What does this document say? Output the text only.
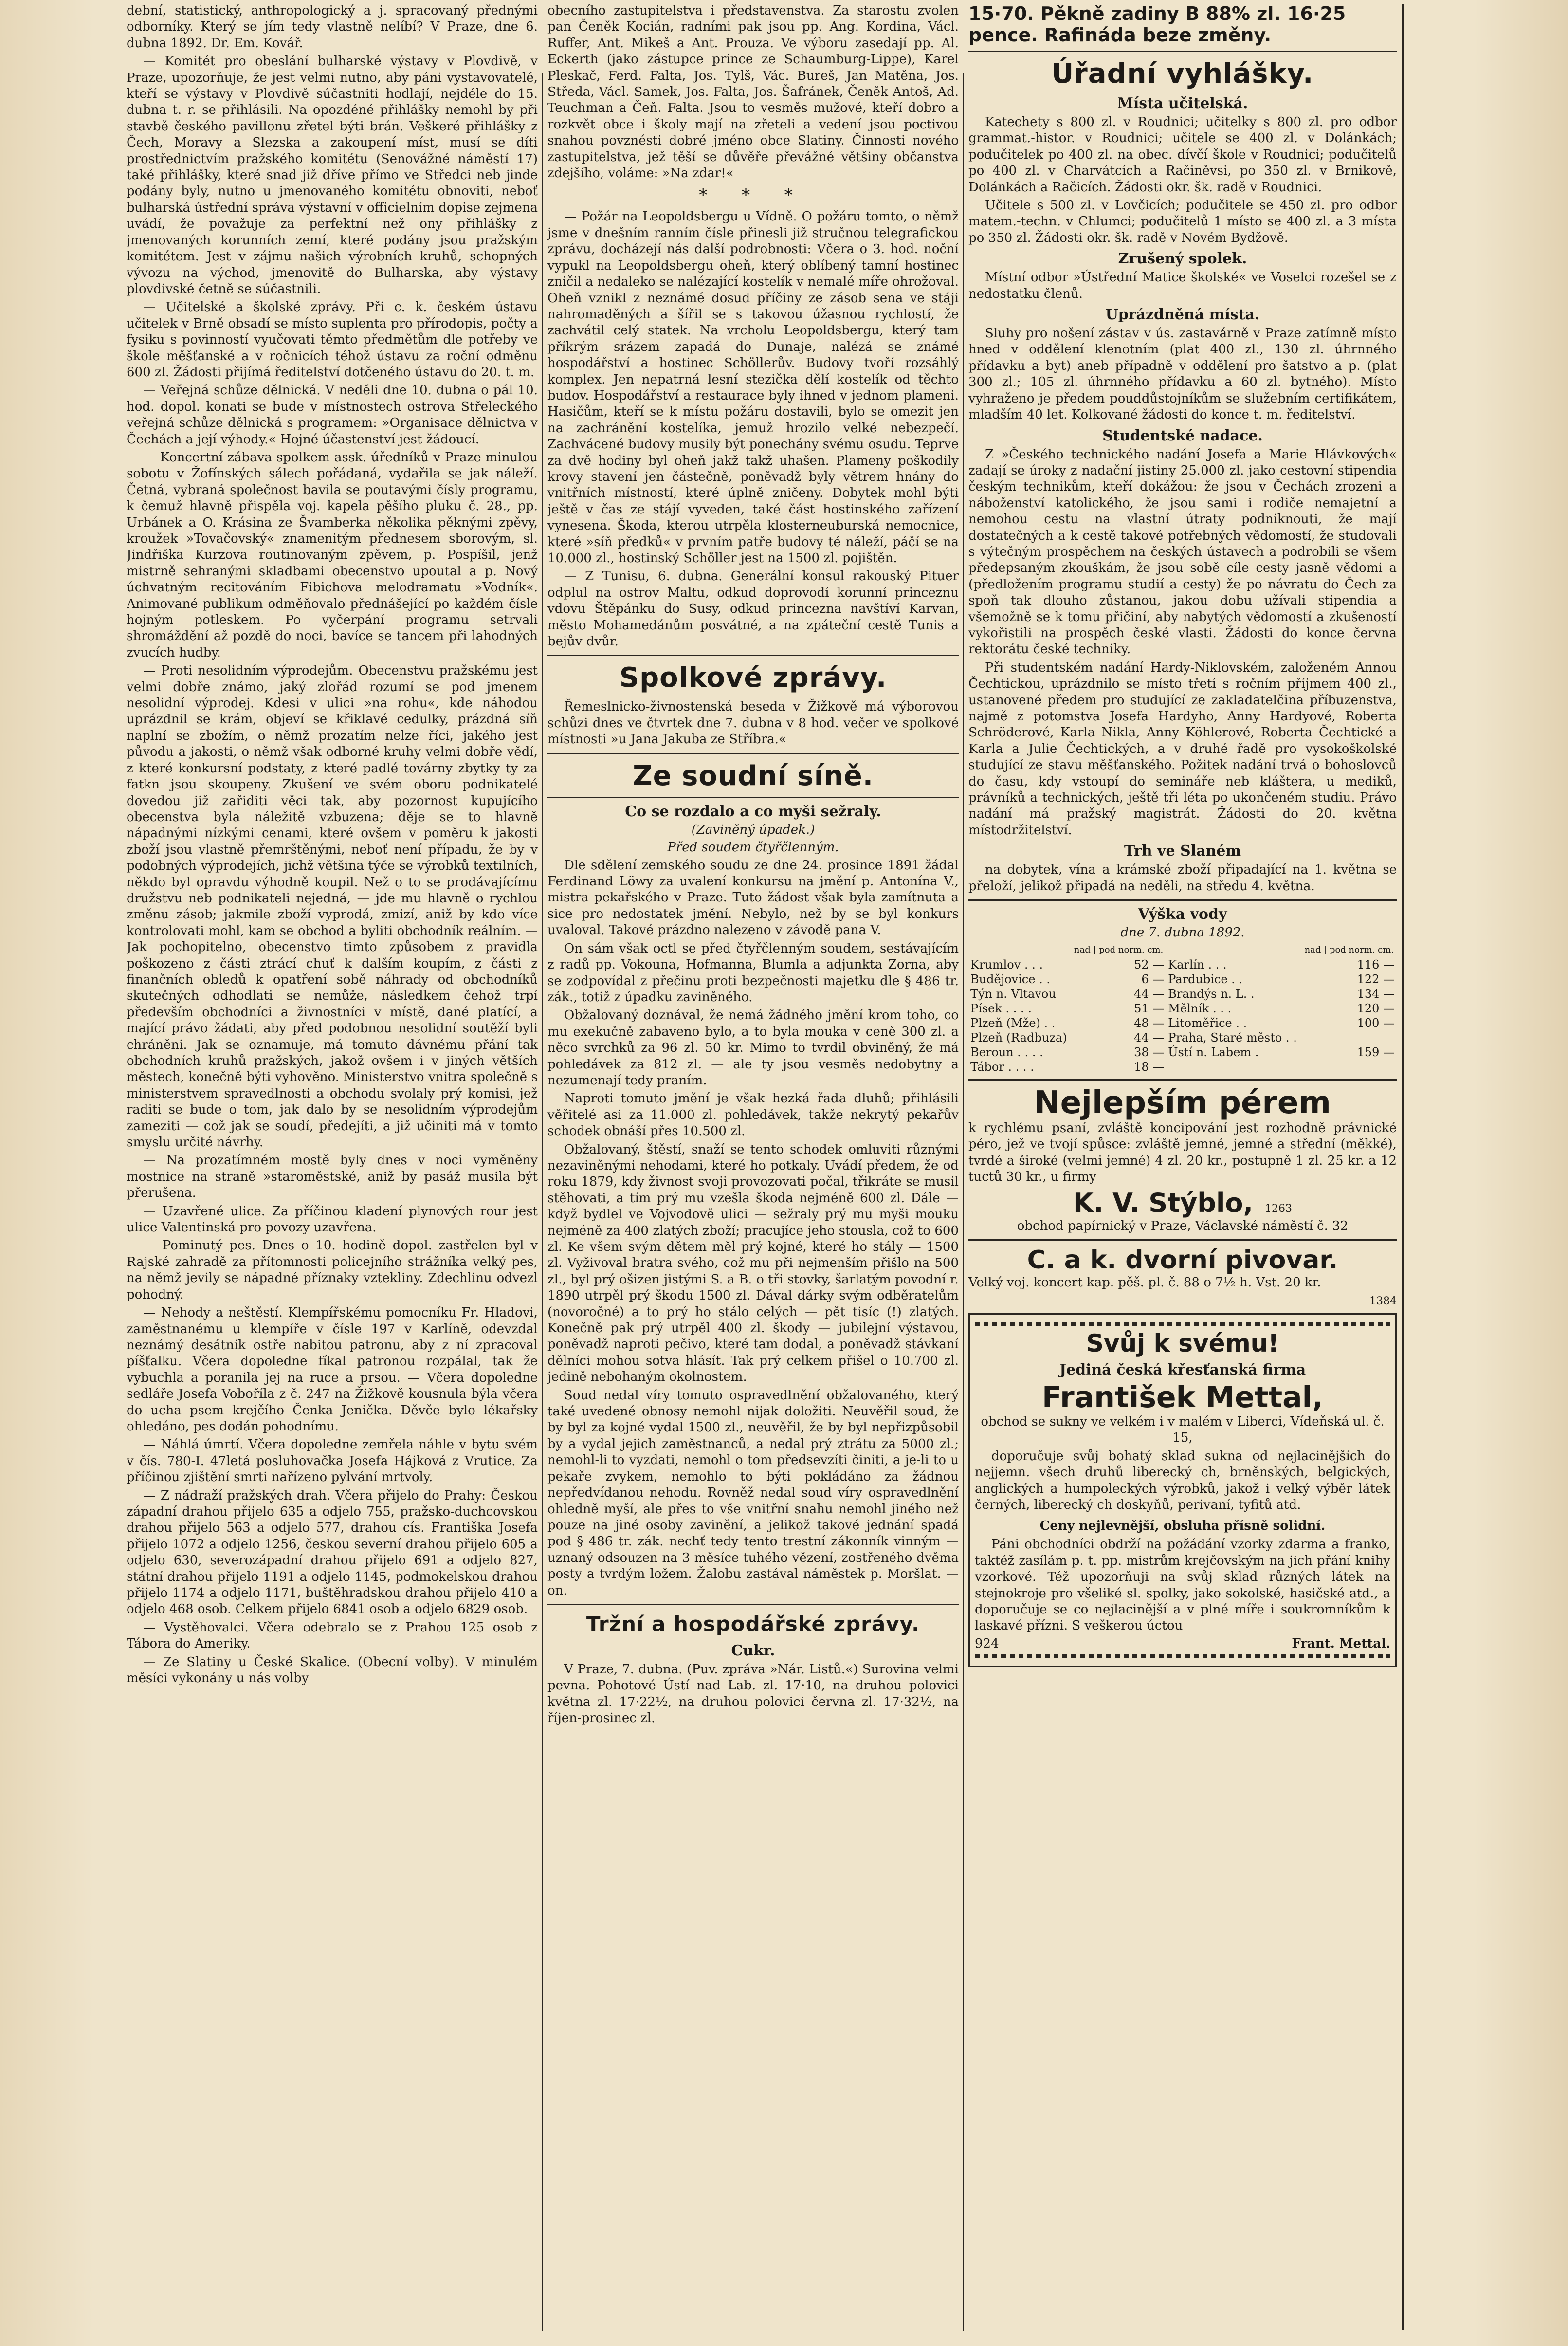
dební, statistický, anthropologický a j. spracovaný přednými odborníky. Který se jím tedy vlastně nelíbí? V Praze, dne 6. dubna 1892. Dr. Em. Kovář.

— Komitét pro obeslání bulharské výstavy v Plovdivě, v Praze, upozorňuje, že jest velmi nutno, aby páni vystavovatelé, kteří se výstavy v Plovdivě súčastniti hodlají, nejdéle do 15. dubna t. r. se přihlásili. Na opozdéné přihlášky nemohl by při stavbě českého pavillonu zřetel býti brán. Veškeré přihlášky z Čech, Moravy a Slezska a zakoupení míst, musí se díti prostřednictvím pražského komitétu (Senovážné náměstí 17) také přihlášky, které snad již dříve přímo ve Středci neb jinde podány byly, nutno u jmenovaného komitétu obnoviti, neboť bulharská ústřední správa výstavní v officielním dopise zejmena uvádí, že považuje za perfektní než ony přihlášky z jmenovaných korunních zemí, které podány jsou pražským komitétem. Jest v zájmu našich výrobních kruhů, schopných vývozu na východ, jmenovitě do Bulharska, aby výstavy plovdivské četně se súčastnili.

— Učitelské a školské zprávy. Při c. k. českém ústavu učitelek v Brně obsadí se místo suplenta pro přírodopis, počty a fysiku s povinností vyučovati těmto předmětům dle potřeby ve škole měšťanské a v ročnicích téhož ústavu za roční odměnu 600 zl. Žádosti přijímá ředitelství dotčeného ústavu do 20. t. m.

— Veřejná schůze dělnická. V neděli dne 10. dubna o pál 10. hod. dopol. konati se bude v místnostech ostrova Střeleckého veřejná schůze dělnická s programem: »Organisace dělnictva v Čechách a její výhody.« Hojné účastenství jest žádoucí.

— Koncertní zábava spolkem assk. úředníků v Praze minulou sobotu v Žofínských sálech pořádaná, vydařila se jak náleží. Četná, vybraná společnost bavila se poutavými čísly programu, k čemuž hlavně přispěla voj. kapela pěšího pluku č. 28., pp. Urbánek a O. Krásina ze Švamberka několika pěknými zpěvy, kroužek »Tovačovský« znamenitým přednesem sborovým, sl. Jindřiška Kurzova routinovaným zpěvem, p. Pospíšil, jenž mistrně sehranými skladbami obecenstvo upoutal a p. Nový úchvatným recitováním Fibichova melodramatu »Vodník«. Animované publikum odměňovalo přednášející po každém čísle hojným potleskem. Po vyčerpání programu setrvali shromáždění až pozdě do noci, bavíce se tancem při lahodných zvucích hudby.

— Proti nesolidním výprodejům. Obecenstvu pražskému jest velmi dobře známo, jaký zlořád rozumí se pod jmenem nesolidní výprodej. Kdesi v ulici »na rohu«, kde náhodou uprázdnil se krám, objeví se křiklavé cedulky, prázdná síň naplní se zbožím, o němž prozatím nelze říci, jakého jest původu a jakosti, o němž však odborné kruhy velmi dobře vědí, z které konkursní podstaty, z které padlé továrny zbytky ty za fatkn jsou skoupeny. Zkušení ve svém oboru podnikatelé dovedou již zařiditi věci tak, aby pozornost kupujícího obecenstva byla náležitě vzbuzena; děje se to hlavně nápadnými nízkými cenami, které ovšem v poměru k jakosti zboží jsou vlastně přemrštěnými, neboť není případu, že by v podobných výprodejích, jichž většina týče se výrobků textilních, někdo byl opravdu výhodně koupil. Než o to se prodávajícímu družstvu neb podnikateli nejedná, — jde mu hlavně o rychlou změnu zásob; jakmile zboží vyprodá, zmizí, aniž by kdo více kontrolovati mohl, kam se obchod a byliti obchodník reálním. — Jak pochopitelno, obecenstvo timto způsobem z pravidla poškozeno z části ztrácí chuť k dalším koupím, z části z finančních obledů k opatření sobě náhrady od obchodníků skutečných odhodlati se nemůže, následkem čehož trpí především obchodníci a živnostníci v místě, dané platící, a mající právo žádati, aby před podobnou nesolidní soutěží byli chráněni. Jak se oznamuje, má tomuto dávnému přání tak obchodních kruhů pražských, jakož ovšem i v jiných větších městech, konečně býti vyhověno. Ministerstvo vnitra společně s ministerstvem spravedlnosti a obchodu svolaly prý komisi, jež raditi se bude o tom, jak dalo by se nesolidním výprodejům zameziti — což jak se soudí, předejíti, a již učiniti má v tomto smyslu určité návrhy.

— Na prozatímném mostě byly dnes v noci vyměněny mostnice na straně »staroměstské, aniž by pasáž musila být přerušena.

— Uzavřené ulice. Za příčinou kladení plynových rour jest ulice Valentinská pro povozy uzavřena.

— Pominutý pes. Dnes o 10. hodině dopol. zastřelen byl v Rajské zahradě za přítomnosti policejního strážníka velký pes, na němž jevily se nápadné příznaky vztekliny. Zdechlinu odvezl pohodný.

— Nehody a neštěstí. Klempířskému pomocníku Fr. Hladovi, zaměstnanému u klempíře v čísle 197 v Karlíně, odevzdal neznámý desátník ostře nabitou patronu, aby z ní zpracoval píšťalku. Včera dopoledne fíkal patronou rozpálal, tak že vybuchla a poranila jej na ruce a prsou. — Včera dopoledne sedláře Josefa Voboříla z č. 247 na Žižkově kousnula býla včera do ucha psem krejčího Čenka Jenička. Děvče bylo lékařsky ohledáno, pes dodán pohodnímu.

— Náhlá úmrtí. Včera dopoledne zemřela náhle v bytu svém v čís. 780-I. 47letá posluhovačka Josefa Hájková z Vrutice. Za příčinou zjištění smrti nařízeno pylvání mrtvoly.

— Z nádraží pražských drah. Včera přijelo do Prahy: Českou západní drahou přijelo 635 a odjelo 755, pražsko-duchcovskou drahou přijelo 563 a odjelo 577, drahou cís. Františka Josefa přijelo 1072 a odjelo 1256, českou severní drahou přijelo 605 a odjelo 630, severozápadní drahou přijelo 691 a odjelo 827, státní drahou přijelo 1191 a odjelo 1145, podmokelskou drahou přijelo 1174 a odjelo 1171, buštěhradskou drahou přijelo 410 a odjelo 468 osob. Celkem přijelo 6841 osob a odjelo 6829 osob.

— Vystěhovalci. Včera odebralo se z Prahou 125 osob z Tábora do Ameriky.

— Ze Slatiny u České Skalice. (Obecní volby). V minulém měsíci vykonány u nás volby

obecního zastupitelstva i představenstva. Za starostu zvolen pan Čeněk Kocián, radními pak jsou pp. Ang. Kordina, Václ. Ruffer, Ant. Mikeš a Ant. Prouza. Ve výboru zasedají pp. Al. Eckerth (jako zástupce prince ze Schaumburg-Lippe), Karel Pleskač, Ferd. Falta, Jos. Tylš, Vác. Bureš, Jan Matěna, Jos. Středa, Václ. Samek, Jos. Falta, Jos. Šafránek, Čeněk Antoš, Ad. Teuchman a Čeň. Falta. Jsou to vesměs mužové, kteří dobro a rozkvět obce i školy mají na zřeteli a vedení jsou poctivou snahou povznésti dobré jméno obce Slatiny. Činnosti nového zastupitelstva, jež těší se důvěře převážné většiny občanstva zdejšího, voláme: »Na zdar!«

* * *

— Požár na Leopoldsbergu u Vídně. O požáru tomto, o němž jsme v dnešním ranním čísle přinesli již stručnou telegrafickou zprávu, docházejí nás další podrobnosti: Včera o 3. hod. noční vypukl na Leopoldsbergu oheň, který oblíbený tamní hostinec zničil a nedaleko se nalézající kostelík v nemalé míře ohrožoval. Oheň vznikl z neznámé dosud příčiny ze zásob sena ve stáji nahromaděných a šířil se s takovou úžasnou rychlostí, že zachvátil celý statek. Na vrcholu Leopoldsbergu, který tam příkrým srázem zapadá do Dunaje, nalézá se známé hospodářství a hostinec Schöllerův. Budovy tvoří rozsáhlý komplex. Jen nepatrná lesní stezička dělí kostelík od těchto budov. Hospodářství a restaurace byly ihned v jednom plameni. Hasičům, kteří se k místu požáru dostavili, bylo se omezit jen na zachránění kostelíka, jemuž hrozilo velké nebezpečí. Zachvácené budovy musily být ponechány svému osudu. Teprve za dvě hodiny byl oheň jakž takž uhašen. Plameny poškodily krovy stavení jen částečně, poněvadž byly větrem hnány do vnitřních místností, které úplně zničeny. Dobytek mohl býti ještě v čas ze stájí vyveden, také část hostinského zařízení vynesena. Škoda, kterou utrpěla klosterneuburská nemocnice, které »síň předků« v prvním patře budovy té náleží, páčí se na 10.000 zl., hostinský Schöller jest na 1500 zl. pojištěn.

— Z Tunisu, 6. dubna. Generální konsul rakouský Pituer odplul na ostrov Maltu, odkud doprovodí korunní princeznu vdovu Štěpánku do Susy, odkud princezna navštíví Karvan, město Mohamedánům posvátné, a na zpáteční cestě Tunis a bejův dvůr.

Spolkové zprávy.

Řemeslnicko-živnostenská beseda v Žižkově má výborovou schůzi dnes ve čtvrtek dne 7. dubna v 8 hod. večer ve spolkové místnosti »u Jana Jakuba ze Stříbra.«

Ze soudní síně.
Co se rozdalo a co myši sežraly.
(Zaviněný úpadek.)
Před soudem čtyřčlenným.

Dle sdělení zemského soudu ze dne 24. prosince 1891 žádal Ferdinand Löwy za uvalení konkursu na jmění p. Antonína V., mistra pekařského v Praze. Tuto žádost však byla zamítnuta a sice pro nedostatek jmění. Nebylo, než by se byl konkurs uvaloval. Takové prázdno nalezeno v závodě pana V.

On sám však octl se před čtyřčlenným soudem, sestávajícím z radů pp. Vokouna, Hofmanna, Blumla a adjunkta Zorna, aby se zodpovídal z přečinu proti bezpečnosti majetku dle § 486 tr. zák., totiž z úpadku zaviněného.

Obžalovaný doznával, že nemá žádného jmění krom toho, co mu exekučně zabaveno bylo, a to byla mouka v ceně 300 zl. a něco svrchků za 96 zl. 50 kr. Mimo to tvrdil obviněný, že má pohledávek za 812 zl. — ale ty jsou vesměs nedobytny a nezumenají tedy praním.

Naproti tomuto jmění je však hezká řada dluhů; přihlásili věřitelé asi za 11.000 zl. pohledávek, takže nekrytý pekařův schodek obnáší přes 10.500 zl.

Obžalovaný, štěstí, snaží se tento schodek omluviti různými nezaviněnými nehodami, které ho potkaly. Uvádí předem, že od roku 1879, kdy živnost svoji provozovati počal, třikráte se musil stěhovati, a tím prý mu vzešla škoda nejméně 600 zl. Dále — když bydlel ve Vojvodově ulici — sežraly prý mu myši mouku nejméně za 400 zlatých zboží; pracujíce jeho stousla, což to 600 zl. Ke všem svým dětem měl prý kojné, které ho stály — 1500 zl. Vyživoval bratra svého, což mu při nejmenším přišlo na 500 zl., byl prý ošizen jistými S. a B. o tři stovky, šarlatým povodní r. 1890 utrpěl prý škodu 1500 zl. Dával dárky svým odběratelům (novoročné) a to prý ho stálo celých — pět tisíc (!) zlatých. Konečně pak prý utrpěl 400 zl. škody — jubilejní výstavou, poněvadž naproti pečivo, které tam dodal, a poněvadž stávkaní dělníci mohou sotva hlásít. Tak prý celkem přišel o 10.700 zl. jedině nebohaným okolnostem.

Soud nedal víry tomuto ospravedlnění obžalovaného, který také uvedené obnosy nemohl nijak doložiti. Neuvěřil soud, že by byl za kojné vydal 1500 zl., neuvěřil, že by byl nepřizpůsobil by a vydal jejich zaměstnanců, a nedal prý ztrátu za 5000 zl.; nemohl-li to vyzdati, nemohl o tom předsevzíti činiti, a je-li to u pekaře zvykem, nemohlo to býti pokládáno za žádnou nepředvídanou nehodu. Rovněž nedal soud víry ospravedlnění ohledně myší, ale přes to vše vnitřní snahu nemohl jiného než pouze na jiné osoby zavinění, a jelikož takové jednání spadá pod § 486 tr. zák. nechť tedy tento trestní zákonník vinným — uznaný odsouzen na 3 měsíce tuhého vězení, zostřeného dvěma posty a tvrdým ložem. Žalobu zastával náměstek p. Moršlat. —on.

Tržní a hospodářské zprávy.
Cukr.

V Praze, 7. dubna. (Puv. zpráva »Nár. Listů.«) Surovina velmi pevna. Pohotové Ústí nad Lab. zl. 17·10, na druhou polovici května zl. 17·22½, na druhou polovici června zl. 17·32½, na říjen-prosinec zl.

15·70. Pěkně zadiny B 88% zl. 16·25 pence. Rafináda beze změny.
Úřadní vyhlášky.
Místa učitelská.

Katechety s 800 zl. v Roudnici; učitelky s 800 zl. pro odbor grammat.-histor. v Roudnici; učitele se 400 zl. v Dolánkách; podučitelek po 400 zl. na obec. dívčí škole v Roudnici; podučitelů po 400 zl. v Charvátcích a Račiněvsi, po 350 zl. v Brnikově, Dolánkách a Račicích. Žádosti okr. šk. radě v Roudnici.

Učitele s 500 zl. v Lovčicích; podučitele se 450 zl. pro odbor matem.-techn. v Chlumci; podučitelů 1 místo se 400 zl. a 3 místa po 350 zl. Žádosti okr. šk. radě v Novém Bydžově.

Zrušený spolek.

Místní odbor »Ústřední Matice školské« ve Voselci rozešel se z nedostatku členů.

Uprázdněná místa.

Sluhy pro nošení zástav v ús. zastavárně v Praze zatímně místo hned v oddělení klenotním (plat 400 zl., 130 zl. úhrnného přídavku a byt) aneb případně v oddělení pro šatstvo a p. (plat 300 zl.; 105 zl. úhrnného přídavku a 60 zl. bytného). Místo vyhraženo je předem pouddůstojníkům se služebním certifikátem, mladším 40 let. Kolkované žádosti do konce t. m. ředitelství.

Studentské nadace.

Z »Českého technického nadání Josefa a Marie Hlávkových« zadají se úroky z nadační jistiny 25.000 zl. jako cestovní stipendia českým technikům, kteří dokážou: že jsou v Čechách zrozeni a náboženství katolického, že jsou sami i rodiče nemajetní a nemohou cestu na vlastní útraty podniknouti, že mají dostatečných a k cestě takové potřebných vědomostí, že studovali s výtečným prospěchem na českých ústavech a podrobili se všem předepsaným zkouškám, že jsou sobě cíle cesty jasně vědomi a (předložením programu studií a cesty) že po návratu do Čech za spoň tak dlouho zůstanou, jakou dobu užívali stipendia a všemožně se k tomu přičiní, aby nabytých vědomostí a zkušeností vykořistili na prospěch české vlasti. Žádosti do konce června rektorátu české techniky.

Při studentském nadání Hardy-Niklovském, založeném Annou Čechtickou, uprázdnilo se místo třetí s ročním příjmem 400 zl., ustanovené předem pro studující ze zakladatelčina příbuzenstva, najmě z potomstva Josefa Hardyho, Anny Hardyové, Roberta Schröderové, Karla Nikla, Anny Köhlerové, Roberta Čechtické a Karla a Julie Čechtických, a v druhé řadě pro vysokoškolské studující ze stavu měšťanského. Požitek nadání trvá o bohoslovců do času, kdy vstoupí do semináře neb kláštera, u mediků, právníků a technických, ještě tři léta po ukončeném studiu. Právo nadání má pražský magistrát. Žádosti do 20. května místodržitelství.

Trh ve Slaném

na dobytek, vína a krámské zboží připadající na 1. května se přeloží, jelikož připadá na neděli, na středu 4. května.

Výška vody
dne 7. dubna 1892.
	nad | pod norm. cm.		nad | pod norm. cm.
Krumlov . . .	52 —	Karlín . . .	116 —
Budějovice . .	6 —	Pardubice . .	122 —
Týn n. Vltavou	44 —	Brandýs n. L. .	134 —
Písek . . . .	51 —	Mělník . . .	120 —
Plzeň (Mže) . .	48 —	Litoměřice . .	100 —
Plzeň (Radbuza)	44 —	Praha, Staré město . .	
Beroun . . . .	38 —	Ústí n. Labem .	159 —
Tábor . . . .	18 —		
Nejlepším pérem

k rychlému psaní, zvláště koncipování jest rozhodně právnické péro, jež ve tvojí spůsce: zvláště jemné, jemné a střední (měkké), tvrdé a široké (velmi jemné) 4 zl. 20 kr., postupně 1 zl. 25 kr. a 12 tuctů 30 kr., u firmy

K. V. Stýblo, 1263

obchod papírnický v Praze, Václavské náměstí č. 32

C. a k. dvorní pivovar.

Velký voj. koncert kap. pěš. pl. č. 88 o 7½ h. Vst. 20 kr.

1384

Svůj k svému!
Jediná česká křesťanská firma
František Mettal,

obchod se sukny ve velkém i v malém v Liberci, Vídeňská ul. č. 15,

doporučuje svůj bohatý sklad sukna od nejlacinějších do nejjemn. všech druhů liberecký ch, brněnských, belgických, anglických a humpoleckých výrobků, jakož i velký výběr látek černých, liberecký ch doskyňů, perivaní, tyfitů atd.

Ceny nejlevnější, obsluha přísně solidní.

Páni obchodníci obdrží na požádání vzorky zdarma a franko, taktéž zasílám p. t. pp. mistrům krejčovským na jich přání knihy vzorkové. Též upozorňuji na svůj sklad různých látek na stejnokroje pro všeliké sl. spolky, jako sokolské, hasičské atd., a doporučuje se co nejlacinější a v plné míře i soukromníkům k laskavé přízni. S veškerou úctou

924	Frant. Mettal.
